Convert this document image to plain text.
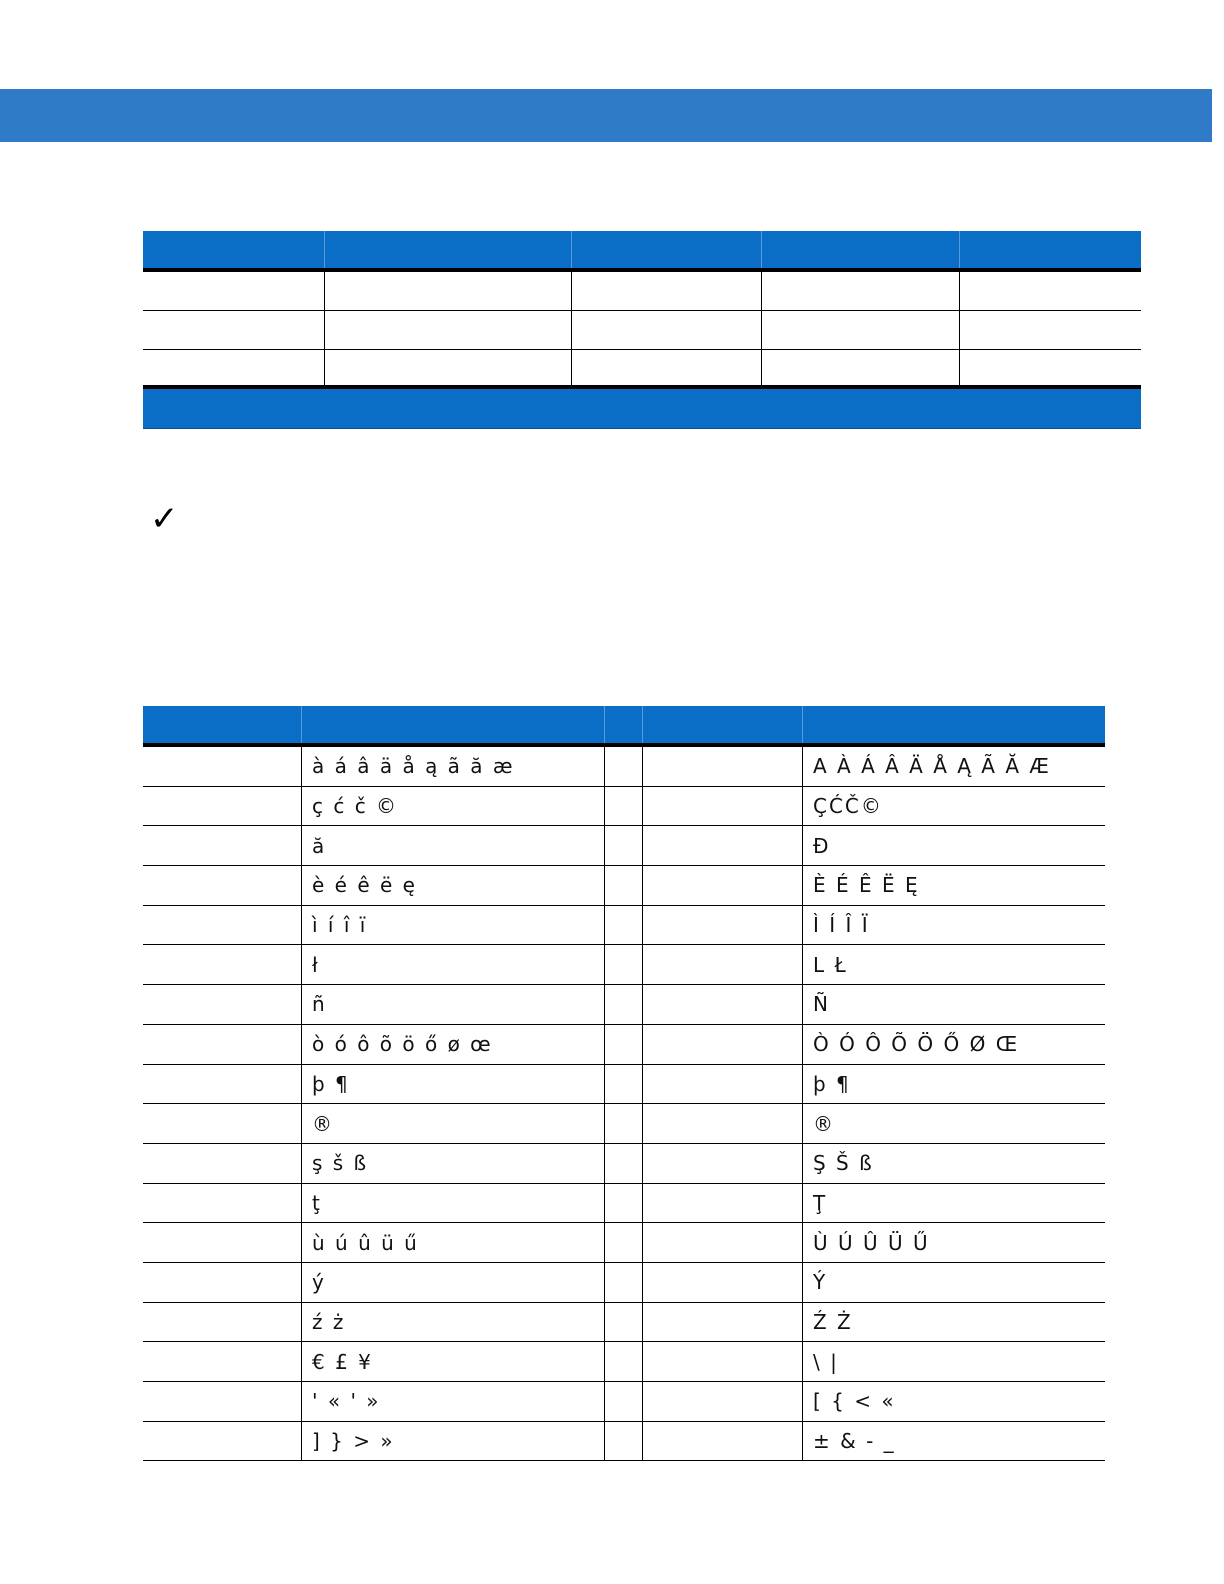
✓
à á â ä å ą ã ă æ	A À Á Â Ä Å Ą Ã Ă Æ
ç ć č ©	ÇĆČ©
ă	Đ
è é ê ë ę	È É Ê Ë Ę
ì í î ï	Ì Í Î Ï
ł	L Ł
ñ	Ñ
ò ó ô õ ö ő ø œ	Ò Ó Ô Õ Ö Ő Ø Œ
þ ¶	þ ¶
®	®
ş š ß	Ş Š ß
ţ	Ţ
ù ú û ü ű	Ù Ú Û Ü Ű
ý	Ý
ź ż	Ź Ż
€ £ ¥	\ |
' « ' »	[ { < «
] } > »	± & - _
